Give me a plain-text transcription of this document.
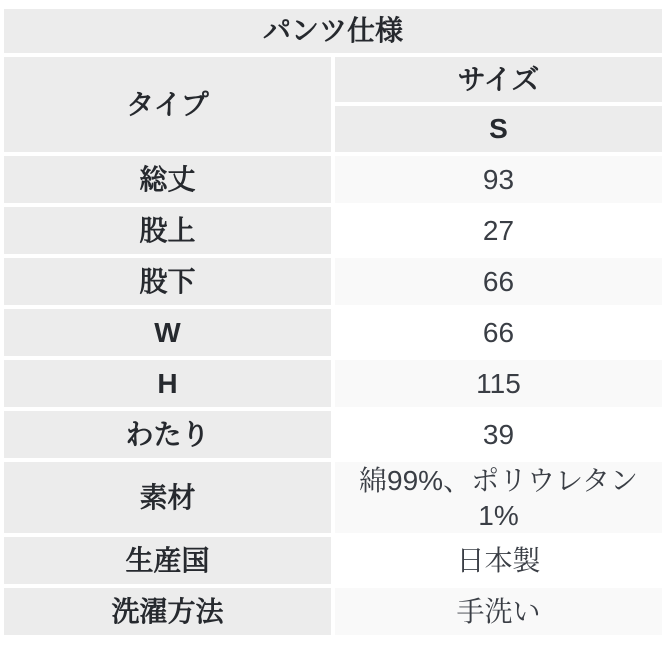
パンツ仕様	
タイプ	サイズ
	S
総丈	93
股上	27
股下	66
W	66
H	115
わたり	39
素材	綿99%、ポリウレタン 1%
生産国	日本製
洗濯方法	手洗い
